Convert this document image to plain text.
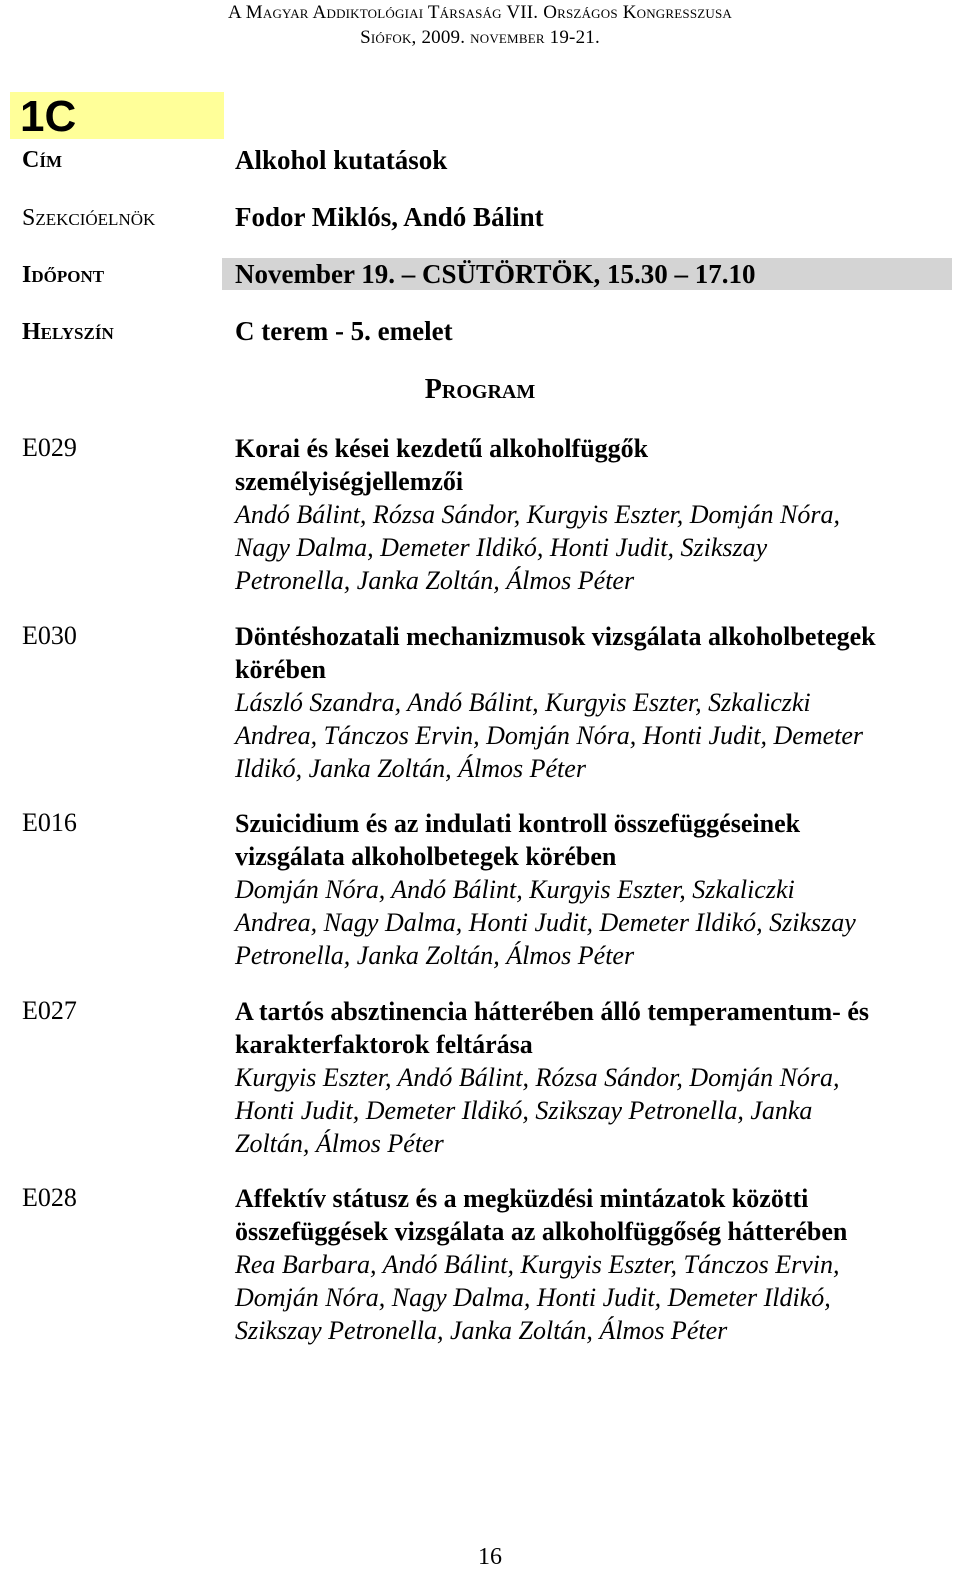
A Magyar Addiktológiai Társaság VII. Országos Kongresszusa
Siófok, 2009. november 19-21.
1C
Cím	Alkohol kutatások
Szekcióelnök	Fodor Miklós, Andó Bálint
Időpont	November 19. – CSÜTÖRTÖK, 15.30 – 17.10
Helyszín	C terem - 5. emelet
Program
E029	Korai és kései kezdetű alkoholfüggők
személyiségjellemzői
Andó Bálint, Rózsa Sándor, Kurgyis Eszter, Domján Nóra,
Nagy Dalma, Demeter Ildikó, Honti Judit, Szikszay
Petronella, Janka Zoltán, Álmos Péter
E030	Döntéshozatali mechanizmusok vizsgálata alkoholbetegek
körében
László Szandra, Andó Bálint, Kurgyis Eszter, Szkaliczki
Andrea, Tánczos Ervin, Domján Nóra, Honti Judit, Demeter
Ildikó, Janka Zoltán, Álmos Péter
E016	Szuicidium és az indulati kontroll összefüggéseinek
vizsgálata alkoholbetegek körében
Domján Nóra, Andó Bálint, Kurgyis Eszter, Szkaliczki
Andrea, Nagy Dalma, Honti Judit, Demeter Ildikó, Szikszay
Petronella, Janka Zoltán, Álmos Péter
E027	A tartós absztinencia hátterében álló temperamentum- és
karakterfaktorok feltárása
Kurgyis Eszter, Andó Bálint, Rózsa Sándor, Domján Nóra,
Honti Judit, Demeter Ildikó, Szikszay Petronella, Janka
Zoltán, Álmos Péter
E028	Affektív státusz és a megküzdési mintázatok közötti
összefüggések vizsgálata az alkoholfüggőség hátterében
Rea Barbara, Andó Bálint, Kurgyis Eszter, Tánczos Ervin,
Domján Nóra, Nagy Dalma, Honti Judit, Demeter Ildikó,
Szikszay Petronella, Janka Zoltán, Álmos Péter
16
